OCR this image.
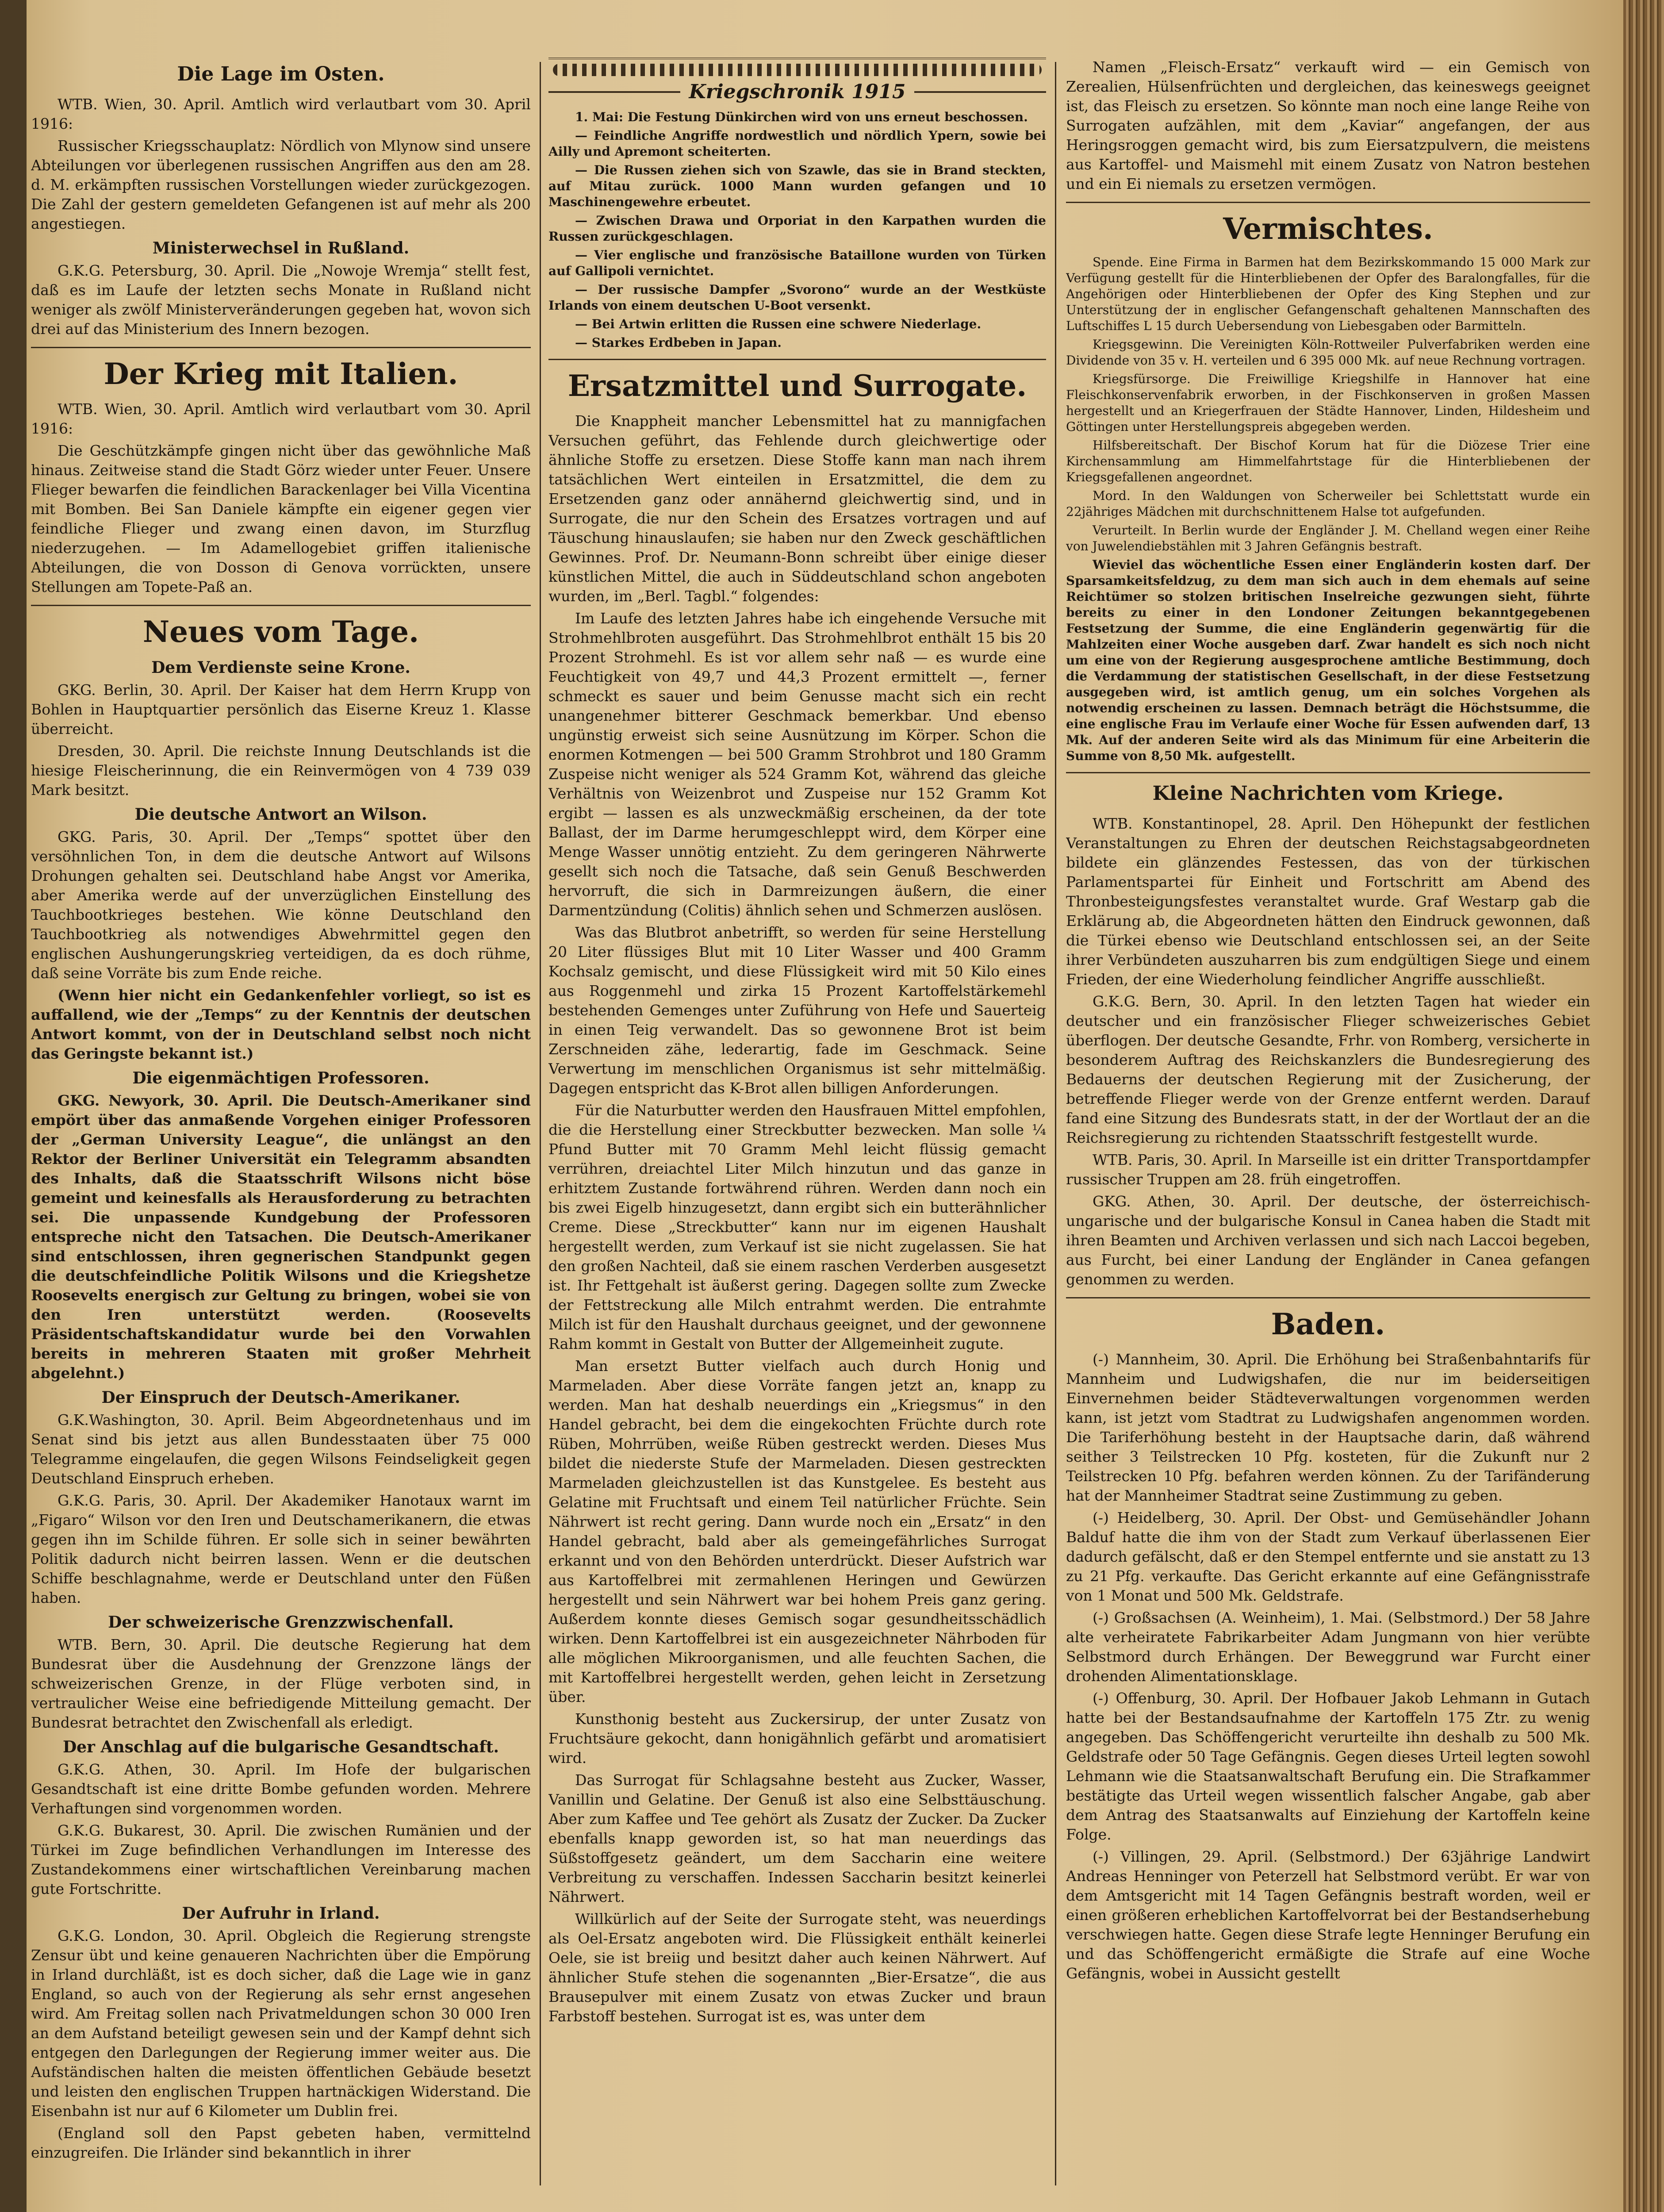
Die Lage im Osten.

WTB. Wien, 30. April. Amtlich wird verlautbart vom 30. April 1916:

Russischer Kriegsschauplatz: Nördlich von Mlynow sind unsere Abteilungen vor überlegenen russischen Angriffen aus den am 28. d. M. erkämpften russischen Vorstellungen wieder zurückgezogen. Die Zahl der gestern gemeldeten Gefangenen ist auf mehr als 200 angestiegen.

Ministerwechsel in Rußland.

G.K.G. Petersburg, 30. April. Die „Nowoje Wremja“ stellt fest, daß es im Laufe der letzten sechs Monate in Rußland nicht weniger als zwölf Ministerveränderungen gegeben hat, wovon sich drei auf das Ministerium des Innern bezogen.

Der Krieg mit Italien.

WTB. Wien, 30. April. Amtlich wird verlautbart vom 30. April 1916:

Die Geschützkämpfe gingen nicht über das gewöhnliche Maß hinaus. Zeitweise stand die Stadt Görz wieder unter Feuer. Unsere Flieger bewarfen die feindlichen Barackenlager bei Villa Vicentina mit Bomben. Bei San Daniele kämpfte ein eigener gegen vier feindliche Flieger und zwang einen davon, im Sturzflug niederzugehen. — Im Adamellogebiet griffen italienische Abteilungen, die von Dosson di Genova vorrückten, unsere Stellungen am Topete-Paß an.

Neues vom Tage.
Dem Verdienste seine Krone.

GKG. Berlin, 30. April. Der Kaiser hat dem Herrn Krupp von Bohlen in Hauptquartier persönlich das Eiserne Kreuz 1. Klasse überreicht.

Dresden, 30. April. Die reichste Innung Deutschlands ist die hiesige Fleischerinnung, die ein Reinvermögen von 4 739 039 Mark besitzt.

Die deutsche Antwort an Wilson.

GKG. Paris, 30. April. Der „Temps“ spottet über den versöhnlichen Ton, in dem die deutsche Antwort auf Wilsons Drohungen gehalten sei. Deutschland habe Angst vor Amerika, aber Amerika werde auf der unverzüglichen Einstellung des Tauchbootkrieges bestehen. Wie könne Deutschland den Tauchbootkrieg als notwendiges Abwehrmittel gegen den englischen Aushungerungskrieg verteidigen, da es doch rühme, daß seine Vorräte bis zum Ende reiche.

(Wenn hier nicht ein Gedankenfehler vorliegt, so ist es auffallend, wie der „Temps“ zu der Kenntnis der deutschen Antwort kommt, von der in Deutschland selbst noch nicht das Geringste bekannt ist.)

Die eigenmächtigen Professoren.

GKG. Newyork, 30. April. Die Deutsch-Amerikaner sind empört über das anmaßende Vorgehen einiger Professoren der „German University League“, die unlängst an den Rektor der Berliner Universität ein Telegramm absandten des Inhalts, daß die Staatsschrift Wilsons nicht böse gemeint und keinesfalls als Herausforderung zu betrachten sei. Die unpassende Kundgebung der Professoren entspreche nicht den Tatsachen. Die Deutsch-Amerikaner sind entschlossen, ihren gegnerischen Standpunkt gegen die deutschfeindliche Politik Wilsons und die Kriegshetze Roosevelts energisch zur Geltung zu bringen, wobei sie von den Iren unterstützt werden. (Roosevelts Präsidentschaftskandidatur wurde bei den Vorwahlen bereits in mehreren Staaten mit großer Mehrheit abgelehnt.)

Der Einspruch der Deutsch-Amerikaner.

G.K.Washington, 30. April. Beim Abgeordnetenhaus und im Senat sind bis jetzt aus allen Bundesstaaten über 75 000 Telegramme eingelaufen, die gegen Wilsons Feindseligkeit gegen Deutschland Einspruch erheben.

G.K.G. Paris, 30. April. Der Akademiker Hanotaux warnt im „Figaro“ Wilson vor den Iren und Deutschamerikanern, die etwas gegen ihn im Schilde führen. Er solle sich in seiner bewährten Politik dadurch nicht beirren lassen. Wenn er die deutschen Schiffe beschlagnahme, werde er Deutschland unter den Füßen haben.

Der schweizerische Grenzzwischenfall.

WTB. Bern, 30. April. Die deutsche Regierung hat dem Bundesrat über die Ausdehnung der Grenzzone längs der schweizerischen Grenze, in der Flüge verboten sind, in vertraulicher Weise eine befriedigende Mitteilung gemacht. Der Bundesrat betrachtet den Zwischenfall als erledigt.

Der Anschlag auf die bulgarische Gesandtschaft.

G.K.G. Athen, 30. April. Im Hofe der bulgarischen Gesandtschaft ist eine dritte Bombe gefunden worden. Mehrere Verhaftungen sind vorgenommen worden.

G.K.G. Bukarest, 30. April. Die zwischen Rumänien und der Türkei im Zuge befindlichen Verhandlungen im Interesse des Zustandekommens einer wirtschaftlichen Vereinbarung machen gute Fortschritte.

Der Aufruhr in Irland.

G.K.G. London, 30. April. Obgleich die Regierung strengste Zensur übt und keine genaueren Nachrichten über die Empörung in Irland durchläßt, ist es doch sicher, daß die Lage wie in ganz England, so auch von der Regierung als sehr ernst angesehen wird. Am Freitag sollen nach Privatmeldungen schon 30 000 Iren an dem Aufstand beteiligt gewesen sein und der Kampf dehnt sich entgegen den Darlegungen der Regierung immer weiter aus. Die Aufständischen halten die meisten öffentlichen Gebäude besetzt und leisten den englischen Truppen hartnäckigen Widerstand. Die Eisenbahn ist nur auf 6 Kilometer um Dublin frei.

(England soll den Papst gebeten haben, vermittelnd einzugreifen. Die Irländer sind bekanntlich in ihrer

Kriegschronik 1915

1. Mai: Die Festung Dünkirchen wird von uns erneut beschossen.

— Feindliche Angriffe nordwestlich und nördlich Ypern, sowie bei Ailly und Apremont scheiterten.

— Die Russen ziehen sich von Szawle, das sie in Brand steckten, auf Mitau zurück. 1000 Mann wurden gefangen und 10 Maschinengewehre erbeutet.

— Zwischen Drawa und Orporiat in den Karpathen wurden die Russen zurückgeschlagen.

— Vier englische und französische Bataillone wurden von Türken auf Gallipoli vernichtet.

— Der russische Dampfer „Svorono“ wurde an der Westküste Irlands von einem deutschen U-Boot versenkt.

— Bei Artwin erlitten die Russen eine schwere Niederlage.

— Starkes Erdbeben in Japan.

Ersatzmittel und Surrogate.

Die Knappheit mancher Lebensmittel hat zu mannigfachen Versuchen geführt, das Fehlende durch gleichwertige oder ähnliche Stoffe zu ersetzen. Diese Stoffe kann man nach ihrem tatsächlichen Wert einteilen in Ersatzmittel, die dem zu Ersetzenden ganz oder annähernd gleichwertig sind, und in Surrogate, die nur den Schein des Ersatzes vortragen und auf Täuschung hinauslaufen; sie haben nur den Zweck geschäftlichen Gewinnes. Prof. Dr. Neumann-Bonn schreibt über einige dieser künstlichen Mittel, die auch in Süddeutschland schon angeboten wurden, im „Berl. Tagbl.“ folgendes:

Im Laufe des letzten Jahres habe ich eingehende Versuche mit Strohmehlbroten ausgeführt. Das Strohmehlbrot enthält 15 bis 20 Prozent Strohmehl. Es ist vor allem sehr naß — es wurde eine Feuchtigkeit von 49,7 und 44,3 Prozent ermittelt —, ferner schmeckt es sauer und beim Genusse macht sich ein recht unangenehmer bitterer Geschmack bemerkbar. Und ebenso ungünstig erweist sich seine Ausnützung im Körper. Schon die enormen Kotmengen — bei 500 Gramm Strohbrot und 180 Gramm Zuspeise nicht weniger als 524 Gramm Kot, während das gleiche Verhältnis von Weizenbrot und Zuspeise nur 152 Gramm Kot ergibt — lassen es als unzweckmäßig erscheinen, da der tote Ballast, der im Darme herumgeschleppt wird, dem Körper eine Menge Wasser unnötig entzieht. Zu dem geringeren Nährwerte gesellt sich noch die Tatsache, daß sein Genuß Beschwerden hervorruft, die sich in Darmreizungen äußern, die einer Darmentzündung (Colitis) ähnlich sehen und Schmerzen auslösen.

Was das Blutbrot anbetrifft, so werden für seine Herstellung 20 Liter flüssiges Blut mit 10 Liter Wasser und 400 Gramm Kochsalz gemischt, und diese Flüssigkeit wird mit 50 Kilo eines aus Roggenmehl und zirka 15 Prozent Kartoffelstärkemehl bestehenden Gemenges unter Zuführung von Hefe und Sauerteig in einen Teig verwandelt. Das so gewonnene Brot ist beim Zerschneiden zähe, lederartig, fade im Geschmack. Seine Verwertung im menschlichen Organismus ist sehr mittelmäßig. Dagegen entspricht das K-Brot allen billigen Anforderungen.

Für die Naturbutter werden den Hausfrauen Mittel empfohlen, die die Herstellung einer Streckbutter bezwecken. Man solle ¼ Pfund Butter mit 70 Gramm Mehl leicht flüssig gemacht verrühren, dreiachtel Liter Milch hinzutun und das ganze in erhitztem Zustande fortwährend rühren. Werden dann noch ein bis zwei Eigelb hinzugesetzt, dann ergibt sich ein butterähnlicher Creme. Diese „Streckbutter“ kann nur im eigenen Haushalt hergestellt werden, zum Verkauf ist sie nicht zugelassen. Sie hat den großen Nachteil, daß sie einem raschen Verderben ausgesetzt ist. Ihr Fettgehalt ist äußerst gering. Dagegen sollte zum Zwecke der Fettstreckung alle Milch entrahmt werden. Die entrahmte Milch ist für den Haushalt durchaus geeignet, und der gewonnene Rahm kommt in Gestalt von Butter der Allgemeinheit zugute.

Man ersetzt Butter vielfach auch durch Honig und Marmeladen. Aber diese Vorräte fangen jetzt an, knapp zu werden. Man hat deshalb neuerdings ein „Kriegsmus“ in den Handel gebracht, bei dem die eingekochten Früchte durch rote Rüben, Mohrrüben, weiße Rüben gestreckt werden. Dieses Mus bildet die niederste Stufe der Marmeladen. Diesen gestreckten Marmeladen gleichzustellen ist das Kunstgelee. Es besteht aus Gelatine mit Fruchtsaft und einem Teil natürlicher Früchte. Sein Nährwert ist recht gering. Dann wurde noch ein „Ersatz“ in den Handel gebracht, bald aber als gemeingefährliches Surrogat erkannt und von den Behörden unterdrückt. Dieser Aufstrich war aus Kartoffelbrei mit zermahlenen Heringen und Gewürzen hergestellt und sein Nährwert war bei hohem Preis ganz gering. Außerdem konnte dieses Gemisch sogar gesundheitsschädlich wirken. Denn Kartoffelbrei ist ein ausgezeichneter Nährboden für alle möglichen Mikroorganismen, und alle feuchten Sachen, die mit Kartoffelbrei hergestellt werden, gehen leicht in Zersetzung über.

Kunsthonig besteht aus Zuckersirup, der unter Zusatz von Fruchtsäure gekocht, dann honigähnlich gefärbt und aromatisiert wird.

Das Surrogat für Schlagsahne besteht aus Zucker, Wasser, Vanillin und Gelatine. Der Genuß ist also eine Selbsttäuschung. Aber zum Kaffee und Tee gehört als Zusatz der Zucker. Da Zucker ebenfalls knapp geworden ist, so hat man neuerdings das Süßstoffgesetz geändert, um dem Saccharin eine weitere Verbreitung zu verschaffen. Indessen Saccharin besitzt keinerlei Nährwert.

Willkürlich auf der Seite der Surrogate steht, was neuerdings als Oel-Ersatz angeboten wird. Die Flüssigkeit enthält keinerlei Oele, sie ist breiig und besitzt daher auch keinen Nährwert. Auf ähnlicher Stufe stehen die sogenannten „Bier-Ersatze“, die aus Brausepulver mit einem Zusatz von etwas Zucker und braun Farbstoff bestehen. Surrogat ist es, was unter dem

Namen „Fleisch-Ersatz“ verkauft wird — ein Gemisch von Zerealien, Hülsenfrüchten und dergleichen, das keineswegs geeignet ist, das Fleisch zu ersetzen. So könnte man noch eine lange Reihe von Surrogaten aufzählen, mit dem „Kaviar“ angefangen, der aus Heringsroggen gemacht wird, bis zum Eiersatzpulvern, die meistens aus Kartoffel- und Maismehl mit einem Zusatz von Natron bestehen und ein Ei niemals zu ersetzen vermögen.

Vermischtes.

Spende. Eine Firma in Barmen hat dem Bezirkskommando 15 000 Mark zur Verfügung gestellt für die Hinterbliebenen der Opfer des Baralongfalles, für die Angehörigen oder Hinterbliebenen der Opfer des King Stephen und zur Unterstützung der in englischer Gefangenschaft gehaltenen Mannschaften des Luftschiffes L 15 durch Uebersendung von Liebesgaben oder Barmitteln.

Kriegsgewinn. Die Vereinigten Köln-Rottweiler Pulverfabriken werden eine Dividende von 35 v. H. verteilen und 6 395 000 Mk. auf neue Rechnung vortragen.

Kriegsfürsorge. Die Freiwillige Kriegshilfe in Hannover hat eine Fleischkonservenfabrik erworben, in der Fischkonserven in großen Massen hergestellt und an Kriegerfrauen der Städte Hannover, Linden, Hildesheim und Göttingen unter Herstellungspreis abgegeben werden.

Hilfsbereitschaft. Der Bischof Korum hat für die Diözese Trier eine Kirchensammlung am Himmelfahrtstage für die Hinterbliebenen der Kriegsgefallenen angeordnet.

Mord. In den Waldungen von Scherweiler bei Schlettstatt wurde ein 22jähriges Mädchen mit durchschnittenem Halse tot aufgefunden.

Verurteilt. In Berlin wurde der Engländer J. M. Chelland wegen einer Reihe von Juwelendiebstählen mit 3 Jahren Gefängnis bestraft.

Wieviel das wöchentliche Essen einer Engländerin kosten darf. Der Sparsamkeitsfeldzug, zu dem man sich auch in dem ehemals auf seine Reichtümer so stolzen britischen Inselreiche gezwungen sieht, führte bereits zu einer in den Londoner Zeitungen bekanntgegebenen Festsetzung der Summe, die eine Engländerin gegenwärtig für die Mahlzeiten einer Woche ausgeben darf. Zwar handelt es sich noch nicht um eine von der Regierung ausgesprochene amtliche Bestimmung, doch die Verdammung der statistischen Gesellschaft, in der diese Festsetzung ausgegeben wird, ist amtlich genug, um ein solches Vorgehen als notwendig erscheinen zu lassen. Demnach beträgt die Höchstsumme, die eine englische Frau im Verlaufe einer Woche für Essen aufwenden darf, 13 Mk. Auf der anderen Seite wird als das Minimum für eine Arbeiterin die Summe von 8,50 Mk. aufgestellt.

Kleine Nachrichten vom Kriege.

WTB. Konstantinopel, 28. April. Den Höhepunkt der festlichen Veranstaltungen zu Ehren der deutschen Reichstagsabgeordneten bildete ein glänzendes Festessen, das von der türkischen Parlamentspartei für Einheit und Fortschritt am Abend des Thronbesteigungsfestes veranstaltet wurde. Graf Westarp gab die Erklärung ab, die Abgeordneten hätten den Eindruck gewonnen, daß die Türkei ebenso wie Deutschland entschlossen sei, an der Seite ihrer Verbündeten auszuharren bis zum endgültigen Siege und einem Frieden, der eine Wiederholung feindlicher Angriffe ausschließt.

G.K.G. Bern, 30. April. In den letzten Tagen hat wieder ein deutscher und ein französischer Flieger schweizerisches Gebiet überflogen. Der deutsche Gesandte, Frhr. von Romberg, versicherte in besonderem Auftrag des Reichskanzlers die Bundesregierung des Bedauerns der deutschen Regierung mit der Zusicherung, der betreffende Flieger werde von der Grenze entfernt werden. Darauf fand eine Sitzung des Bundesrats statt, in der der Wortlaut der an die Reichsregierung zu richtenden Staatsschrift festgestellt wurde.

WTB. Paris, 30. April. In Marseille ist ein dritter Transportdampfer russischer Truppen am 28. früh eingetroffen.

GKG. Athen, 30. April. Der deutsche, der österreichisch-ungarische und der bulgarische Konsul in Canea haben die Stadt mit ihren Beamten und Archiven verlassen und sich nach Laccoi begeben, aus Furcht, bei einer Landung der Engländer in Canea gefangen genommen zu werden.

Baden.

(-) Mannheim, 30. April. Die Erhöhung bei Straßenbahntarifs für Mannheim und Ludwigshafen, die nur im beiderseitigen Einvernehmen beider Städteverwaltungen vorgenommen werden kann, ist jetzt vom Stadtrat zu Ludwigshafen angenommen worden. Die Tariferhöhung besteht in der Hauptsache darin, daß während seither 3 Teilstrecken 10 Pfg. kosteten, für die Zukunft nur 2 Teilstrecken 10 Pfg. befahren werden können. Zu der Tarifänderung hat der Mannheimer Stadtrat seine Zustimmung zu geben.

(-) Heidelberg, 30. April. Der Obst- und Gemüsehändler Johann Balduf hatte die ihm von der Stadt zum Verkauf überlassenen Eier dadurch gefälscht, daß er den Stempel entfernte und sie anstatt zu 13 zu 21 Pfg. verkaufte. Das Gericht erkannte auf eine Gefängnisstrafe von 1 Monat und 500 Mk. Geldstrafe.

(-) Großsachsen (A. Weinheim), 1. Mai. (Selbstmord.) Der 58 Jahre alte verheiratete Fabrikarbeiter Adam Jungmann von hier verübte Selbstmord durch Erhängen. Der Beweggrund war Furcht einer drohenden Alimentationsklage.

(-) Offenburg, 30. April. Der Hofbauer Jakob Lehmann in Gutach hatte bei der Bestandsaufnahme der Kartoffeln 175 Ztr. zu wenig angegeben. Das Schöffengericht verurteilte ihn deshalb zu 500 Mk. Geldstrafe oder 50 Tage Gefängnis. Gegen dieses Urteil legten sowohl Lehmann wie die Staatsanwaltschaft Berufung ein. Die Strafkammer bestätigte das Urteil wegen wissentlich falscher Angabe, gab aber dem Antrag des Staatsanwalts auf Einziehung der Kartoffeln keine Folge.

(-) Villingen, 29. April. (Selbstmord.) Der 63jährige Landwirt Andreas Henninger von Peterzell hat Selbstmord verübt. Er war von dem Amtsgericht mit 14 Tagen Gefängnis bestraft worden, weil er einen größeren erheblichen Kartoffelvorrat bei der Bestandserhebung verschwiegen hatte. Gegen diese Strafe legte Henninger Berufung ein und das Schöffengericht ermäßigte die Strafe auf eine Woche Gefängnis, wobei in Aussicht gestellt
